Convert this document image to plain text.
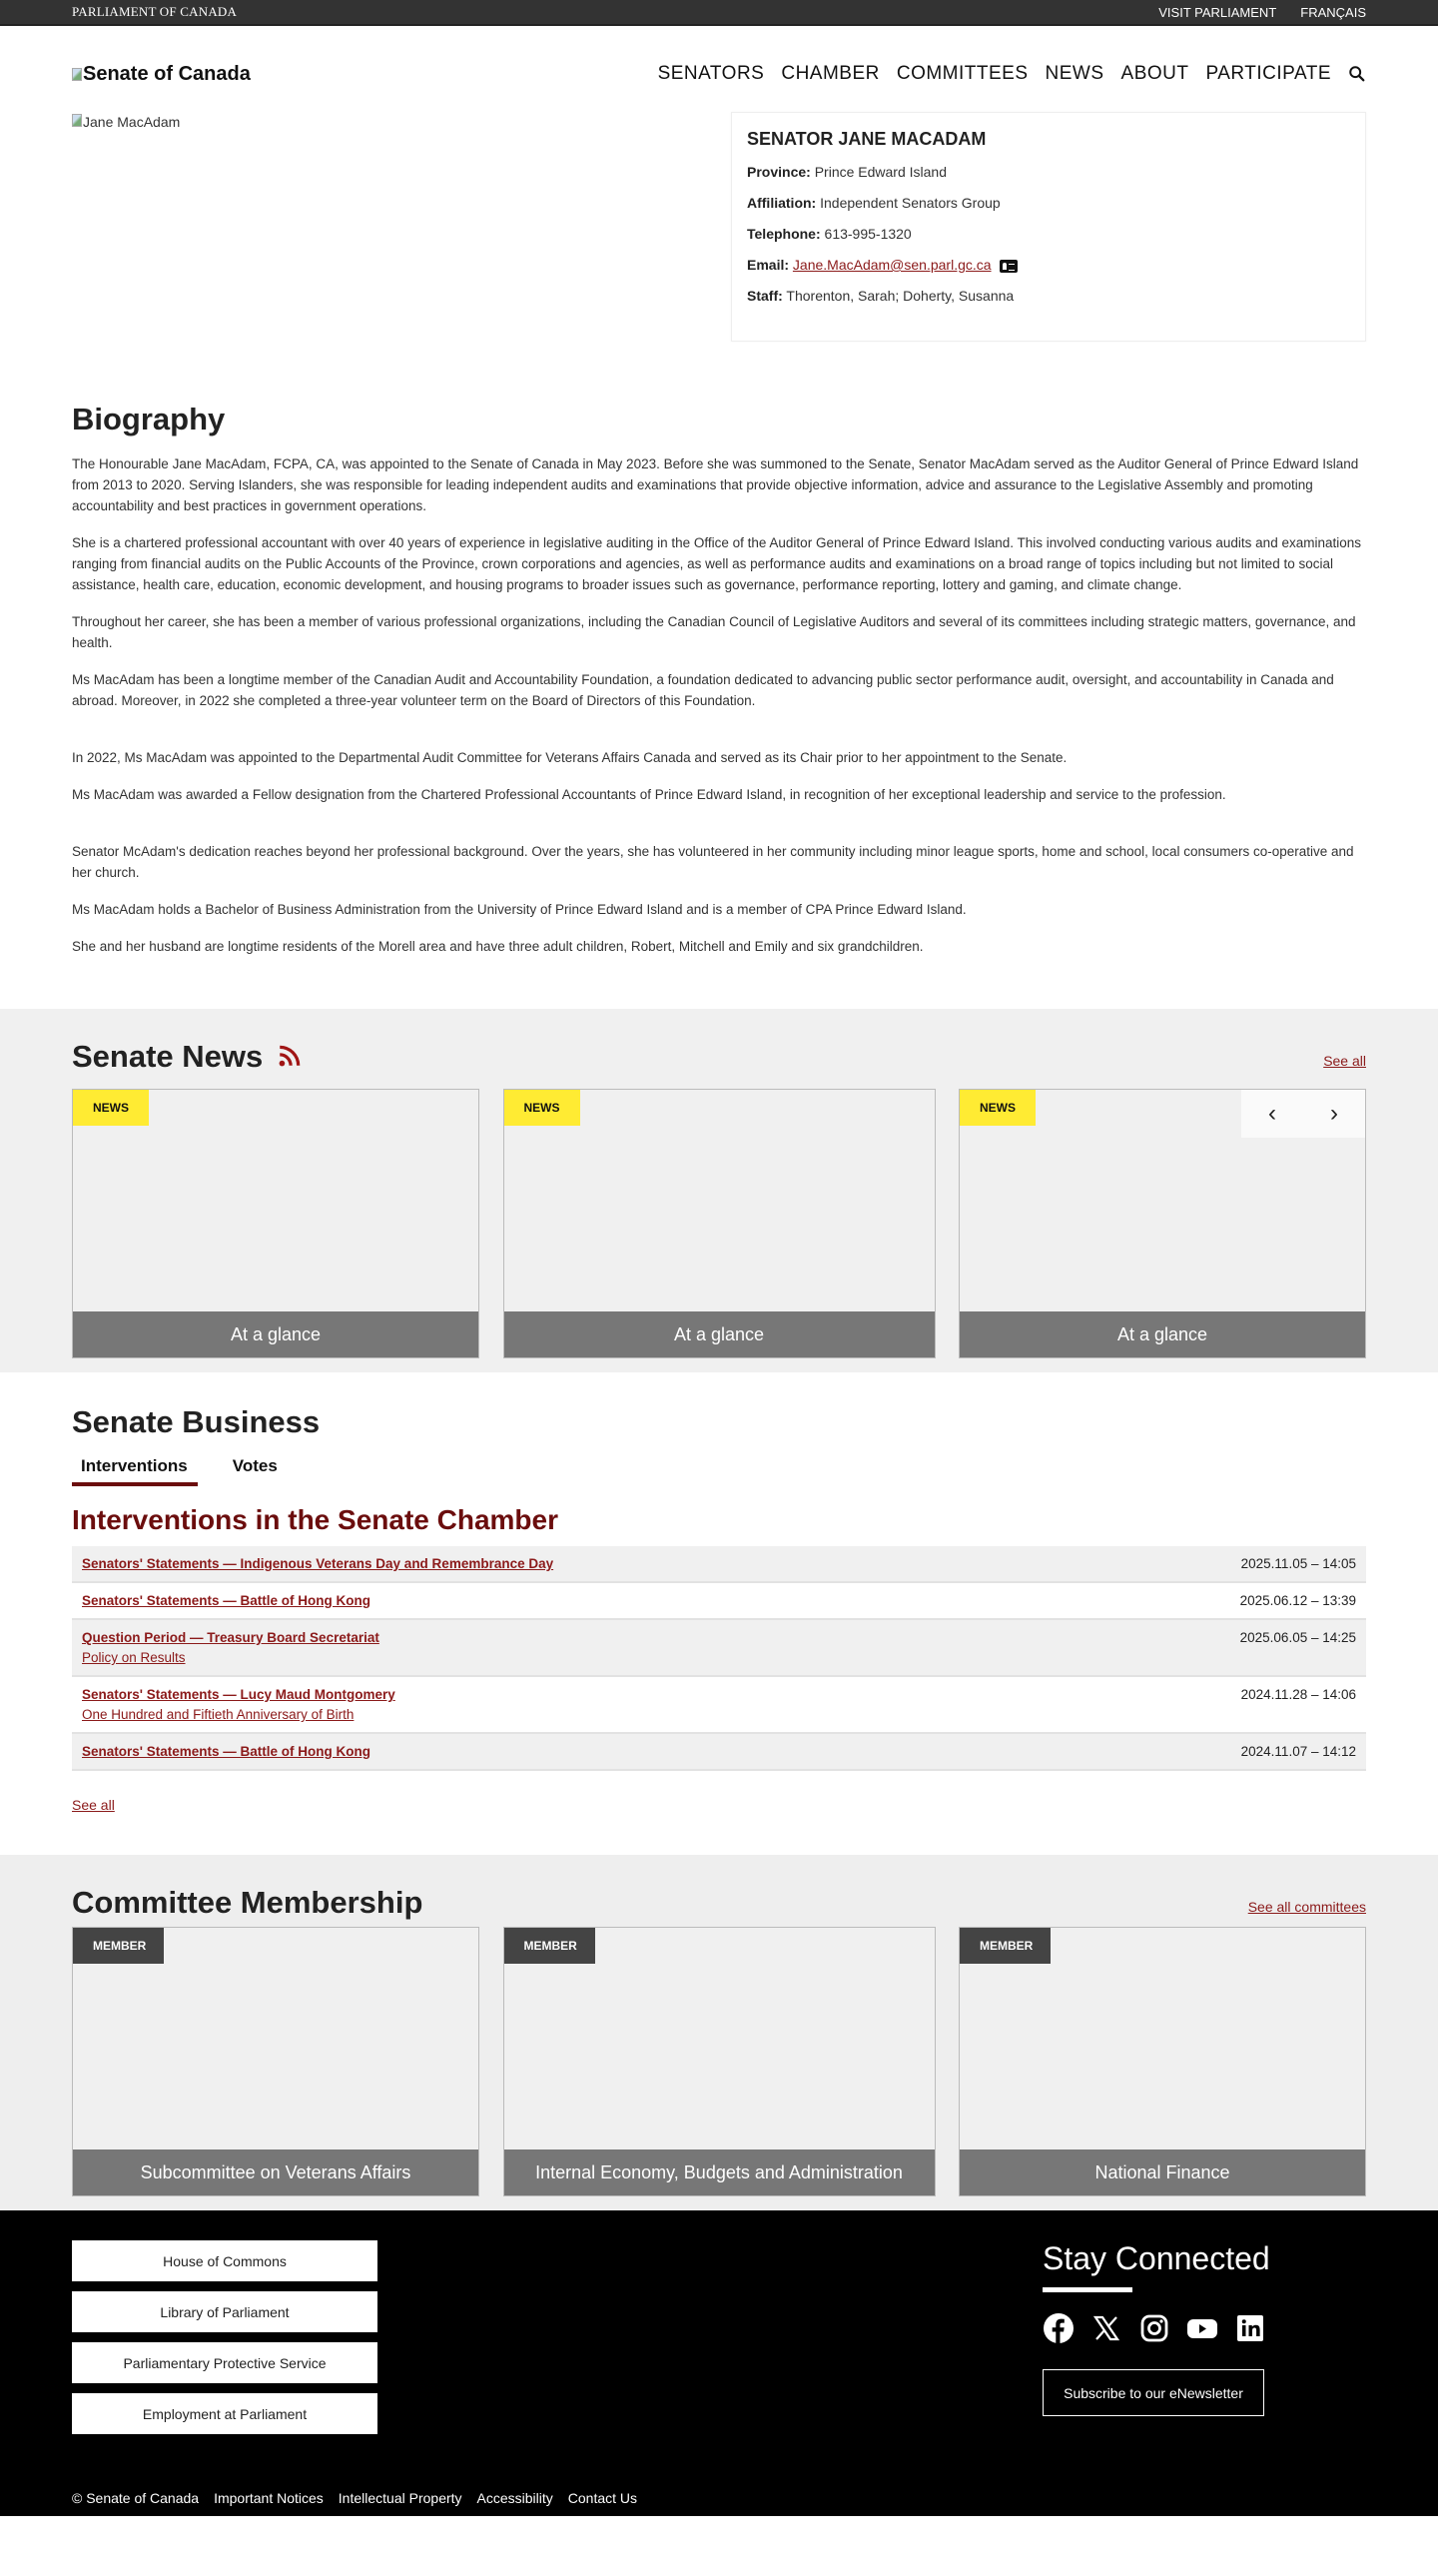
PARLIAMENT OF CANADA	VISIT PARLIAMENT FRANÇAIS
Senate of Canada	SENATORS CHAMBER COMMITTEES NEWS ABOUT PARTICIPATE
Jane MacAdam
SENATOR JANE MACADAM

Province: Prince Edward Island

Affiliation: Independent Senators Group

Telephone: 613-995-1320

Email: Jane.MacAdam@sen.parl.gc.ca

Staff: Thorenton, Sarah; Doherty, Susanna

Biography

The Honourable Jane MacAdam, FCPA, CA, was appointed to the Senate of Canada in May 2023. Before she was summoned to the Senate, Senator MacAdam served as the Auditor General of Prince Edward Island from 2013 to 2020. Serving Islanders, she was responsible for leading independent audits and examinations that provide objective information, advice and assurance to the Legislative Assembly and promoting accountability and best practices in government operations.

She is a chartered professional accountant with over 40 years of experience in legislative auditing in the Office of the Auditor General of Prince Edward Island. This involved conducting various audits and examinations ranging from financial audits on the Public Accounts of the Province, crown corporations and agencies, as well as performance audits and examinations on a broad range of topics including but not limited to social assistance, health care, education, economic development, and housing programs to broader issues such as governance, performance reporting, lottery and gaming, and climate change.

Throughout her career, she has been a member of various professional organizations, including the Canadian Council of Legislative Auditors and several of its committees including strategic matters, governance, and health.

Ms MacAdam has been a longtime member of the Canadian Audit and Accountability Foundation, a foundation dedicated to advancing public sector performance audit, oversight, and accountability in Canada and abroad. Moreover, in 2022 she completed a three-year volunteer term on the Board of Directors of this Foundation.

In 2022, Ms MacAdam was appointed to the Departmental Audit Committee for Veterans Affairs Canada and served as its Chair prior to her appointment to the Senate.

Ms MacAdam was awarded a Fellow designation from the Chartered Professional Accountants of Prince Edward Island, in recognition of her exceptional leadership and service to the profession.

Senator McAdam's dedication reaches beyond her professional background. Over the years, she has volunteered in her community including minor league sports, home and school, local consumers co-operative and her church.

Ms MacAdam holds a Bachelor of Business Administration from the University of Prince Edward Island and is a member of CPA Prince Edward Island.

She and her husband are longtime residents of the Morell area and have three adult children, Robert, Mitchell and Emily and six grandchildren.

Senate News	See all
NEWS
At a glance
NEWS
At a glance
NEWS
At a glance
‹ ›
Senate Business
Interventions	Votes
Interventions in the Senate Chamber
Senators' Statements — Indigenous Veterans Day and Remembrance Day	2025.11.05 – 14:05
Senators' Statements — Battle of Hong Kong	2025.06.12 – 13:39
Question Period — Treasury Board Secretariat
Policy on Results
2025.06.05 – 14:25
Senators' Statements — Lucy Maud Montgomery
One Hundred and Fiftieth Anniversary of Birth
2024.11.28 – 14:06
Senators' Statements — Battle of Hong Kong	2024.11.07 – 14:12
See all
Committee Membership	See all committees
MEMBER
Subcommittee on Veterans Affairs
MEMBER
Internal Economy, Budgets and Administration
MEMBER
National Finance
House of Commons
Library of Parliament
Parliamentary Protective Service
Employment at Parliament
Stay Connected
Subscribe to our eNewsletter
© Senate of Canada Important Notices Intellectual Property Accessibility Contact Us
